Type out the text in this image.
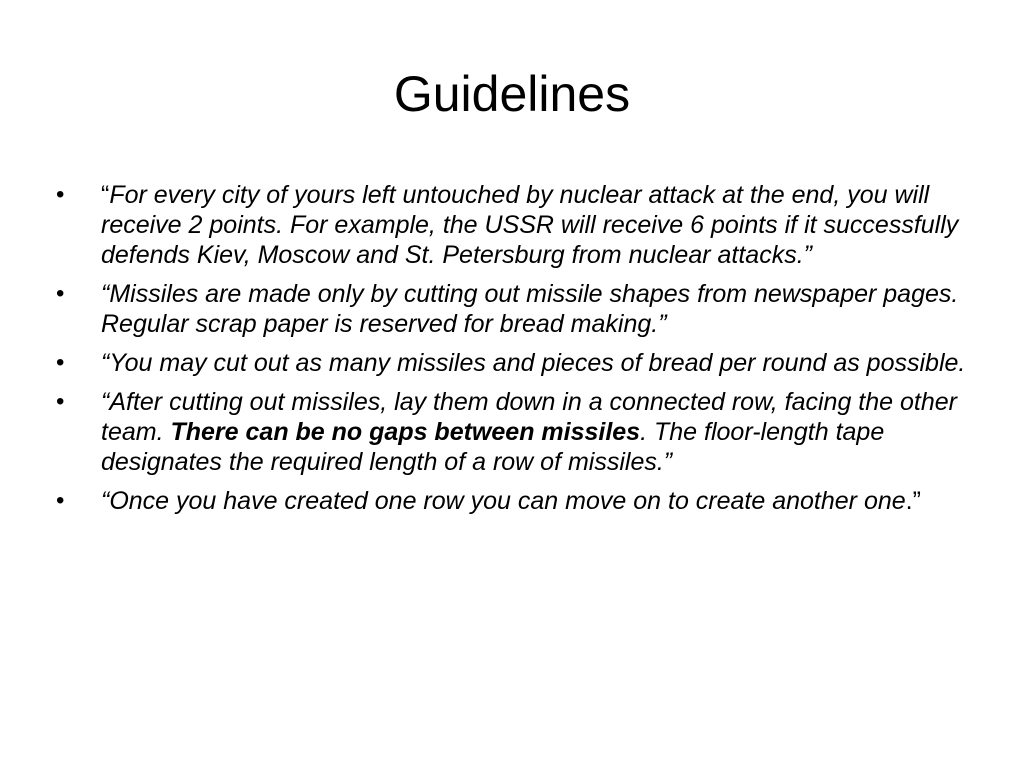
Guidelines
• “For every city of yours left untouched by nuclear attack at the end, you will receive 2 points. For example, the USSR will receive 6 points if it successfully defends Kiev, Moscow and St. Petersburg from nuclear attacks.”
• “Missiles are made only by cutting out missile shapes from newspaper pages. Regular scrap paper is reserved for bread making.”
• “You may cut out as many missiles and pieces of bread per round as possible.
• “After cutting out missiles, lay them down in a connected row, facing the other team. There can be no gaps between missiles. The floor-length tape designates the required length of a row of missiles.”
• “Once you have created one row you can move on to create another one.”
